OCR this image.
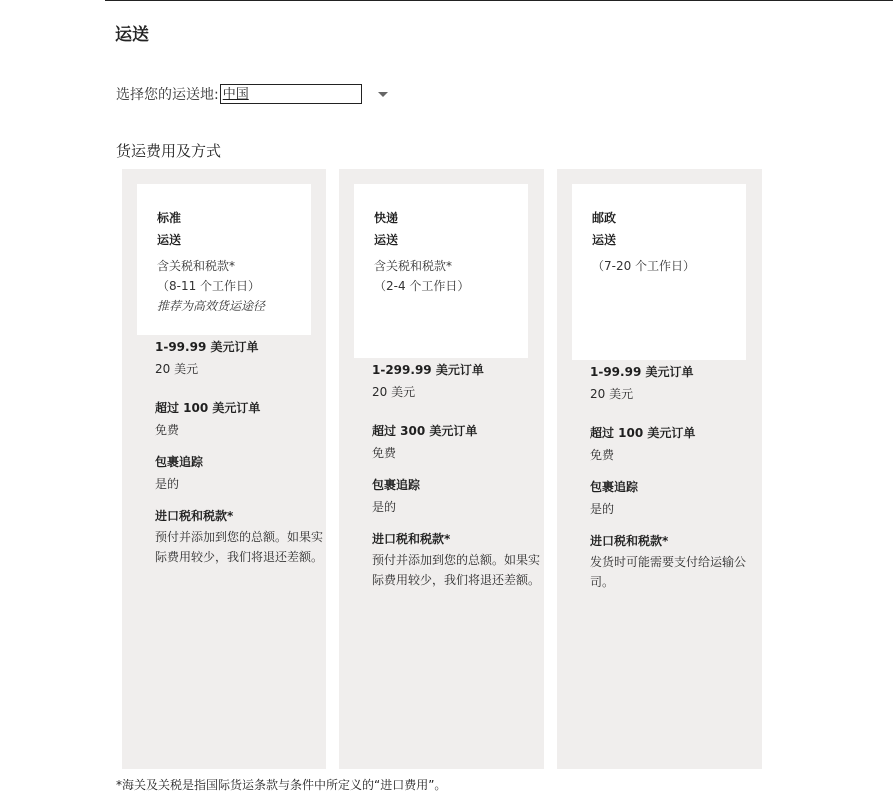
运送
选择您的运送地: 中国
货运费用及方式
标准
运送
含关税和税款*
（8-11 个工作日）
推荐为高效货运途径
1-99.99 美元订单
20 美元
超过 100 美元订单
免费
包裹追踪
是的
进口税和税款*
预付并添加到您的总额。如果实际费用较少，我们将退还差额。
快递
运送
含关税和税款*
（2-4 个工作日）
1-299.99 美元订单
20 美元
超过 300 美元订单
免费
包裹追踪
是的
进口税和税款*
预付并添加到您的总额。如果实际费用较少，我们将退还差额。
邮政
运送
（7-20 个工作日）
1-99.99 美元订单
20 美元
超过 100 美元订单
免费
包裹追踪
是的
进口税和税款*
发货时可能需要支付给运输公司。
*海关及关税是指国际货运条款与条件中所定义的“进口费用”。
